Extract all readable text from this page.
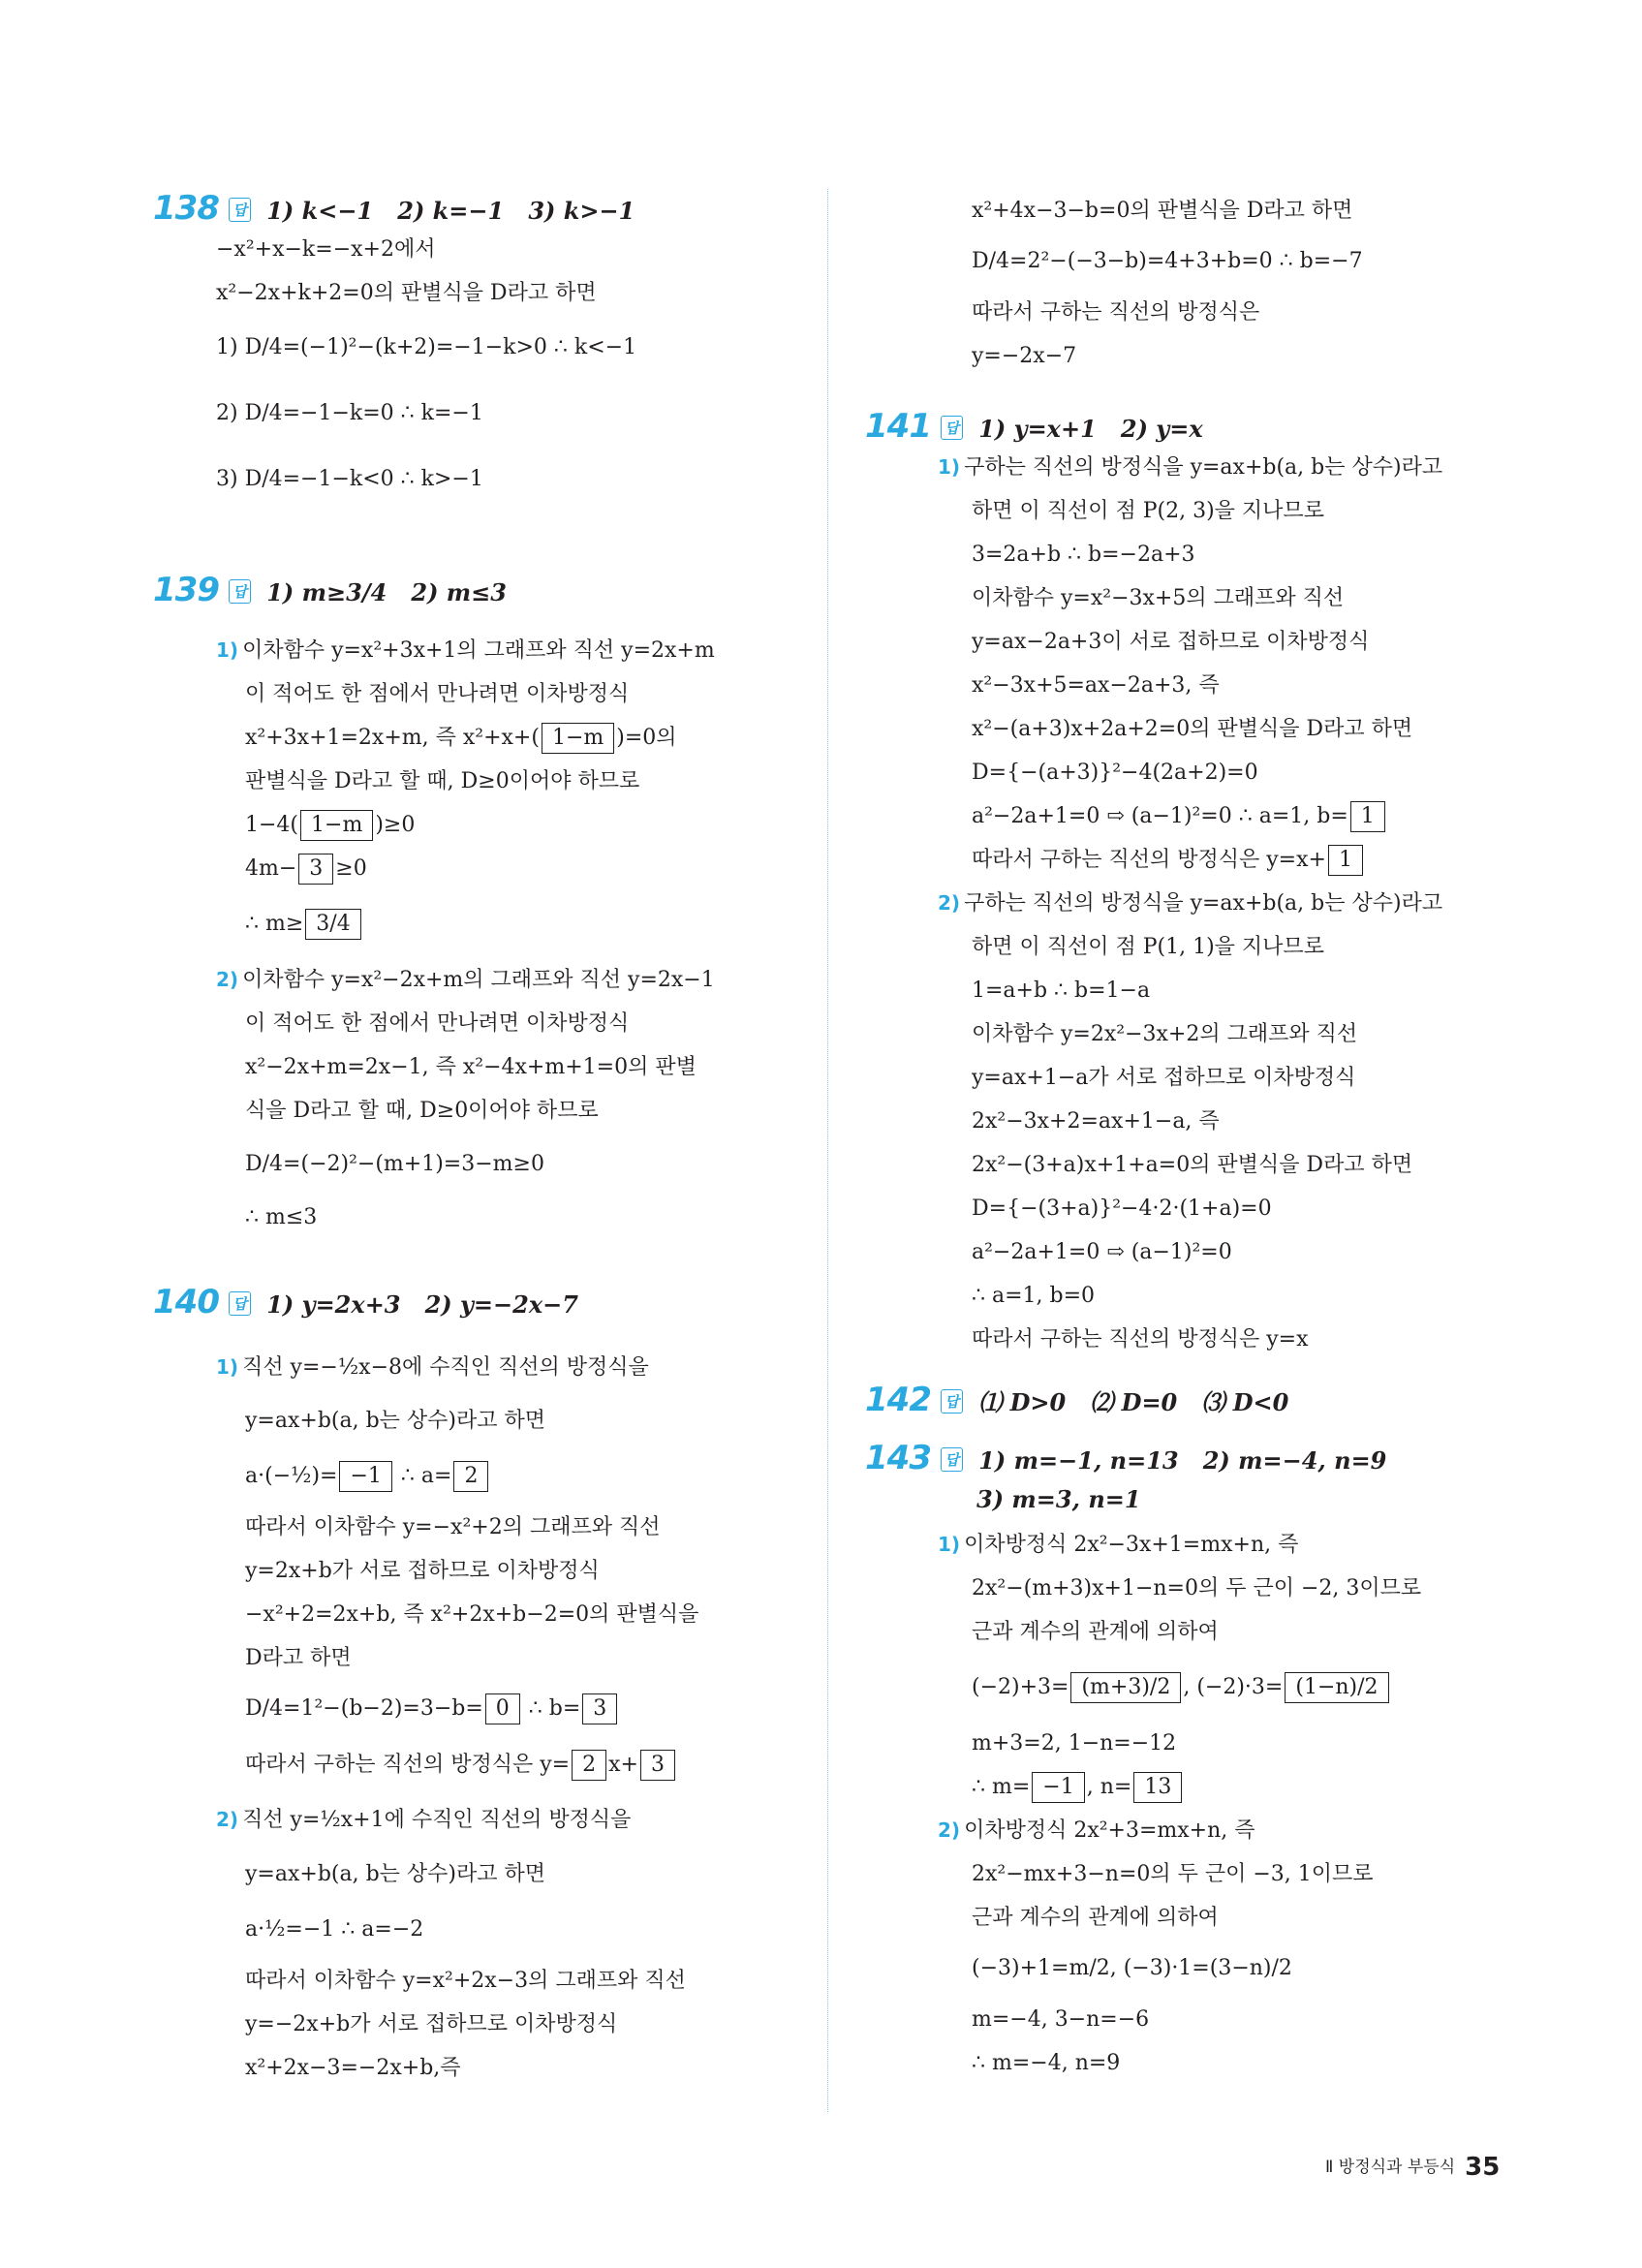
138 답 1) k<−1 2) k=−1 3) k>−1
−x²+x−k=−x+2에서
x²−2x+k+2=0의 판별식을 D라고 하면
1) D/4=(−1)²−(k+2)=−1−k>0 ∴ k<−1
2) D/4=−1−k=0 ∴ k=−1
3) D/4=−1−k<0 ∴ k>−1
139 답 1) m≥3/4 2) m≤3
1) 이차함수 y=x²+3x+1의 그래프와 직선 y=2x+m
이 적어도 한 점에서 만나려면 이차방정식
x²+3x+1=2x+m, 즉 x²+x+( 1−m )=0의
판별식을 D라고 할 때, D≥0이어야 하므로
1−4( 1−m )≥0
4m− 3 ≥0
∴ m≥ 3/4
2) 이차함수 y=x²−2x+m의 그래프와 직선 y=2x−1
이 적어도 한 점에서 만나려면 이차방정식
x²−2x+m=2x−1, 즉 x²−4x+m+1=0의 판별
식을 D라고 할 때, D≥0이어야 하므로
D/4=(−2)²−(m+1)=3−m≥0
∴ m≤3
140 답 1) y=2x+3 2) y=−2x−7
1) 직선 y=−½x−8에 수직인 직선의 방정식을
y=ax+b(a, b는 상수)라고 하면
a·(−½)= −1 ∴ a= 2
따라서 이차함수 y=−x²+2의 그래프와 직선
y=2x+b가 서로 접하므로 이차방정식
−x²+2=2x+b, 즉 x²+2x+b−2=0의 판별식을
D라고 하면
D/4=1²−(b−2)=3−b= 0 ∴ b= 3
따라서 구하는 직선의 방정식은 y= 2 x+ 3
2) 직선 y=½x+1에 수직인 직선의 방정식을
y=ax+b(a, b는 상수)라고 하면
a·½=−1 ∴ a=−2
따라서 이차함수 y=x²+2x−3의 그래프와 직선
y=−2x+b가 서로 접하므로 이차방정식
x²+2x−3=−2x+b,즉
x²+4x−3−b=0의 판별식을 D라고 하면
D/4=2²−(−3−b)=4+3+b=0 ∴ b=−7
따라서 구하는 직선의 방정식은
y=−2x−7
141 답 1) y=x+1 2) y=x
1) 구하는 직선의 방정식을 y=ax+b(a, b는 상수)라고
하면 이 직선이 점 P(2, 3)을 지나므로
3=2a+b ∴ b=−2a+3
이차함수 y=x²−3x+5의 그래프와 직선
y=ax−2a+3이 서로 접하므로 이차방정식
x²−3x+5=ax−2a+3, 즉
x²−(a+3)x+2a+2=0의 판별식을 D라고 하면
D={−(a+3)}²−4(2a+2)=0
a²−2a+1=0 ⇨ (a−1)²=0 ∴ a=1, b= 1
따라서 구하는 직선의 방정식은 y=x+ 1
2) 구하는 직선의 방정식을 y=ax+b(a, b는 상수)라고
하면 이 직선이 점 P(1, 1)을 지나므로
1=a+b ∴ b=1−a
이차함수 y=2x²−3x+2의 그래프와 직선
y=ax+1−a가 서로 접하므로 이차방정식
2x²−3x+2=ax+1−a, 즉
2x²−(3+a)x+1+a=0의 판별식을 D라고 하면
D={−(3+a)}²−4·2·(1+a)=0
a²−2a+1=0 ⇨ (a−1)²=0
∴ a=1, b=0
따라서 구하는 직선의 방정식은 y=x
142 답 ⑴ D>0 ⑵ D=0 ⑶ D<0
143 답 1) m=−1, n=13 2) m=−4, n=9
3) m=3, n=1
1) 이차방정식 2x²−3x+1=mx+n, 즉
2x²−(m+3)x+1−n=0의 두 근이 −2, 3이므로
근과 계수의 관계에 의하여
(−2)+3= (m+3)/2 , (−2)·3= (1−n)/2
m+3=2, 1−n=−12
∴ m= −1 , n= 13
2) 이차방정식 2x²+3=mx+n, 즉
2x²−mx+3−n=0의 두 근이 −3, 1이므로
근과 계수의 관계에 의하여
(−3)+1=m/2, (−3)·1=(3−n)/2
m=−4, 3−n=−6
∴ m=−4, n=9
Ⅱ 방정식과 부등식 35
